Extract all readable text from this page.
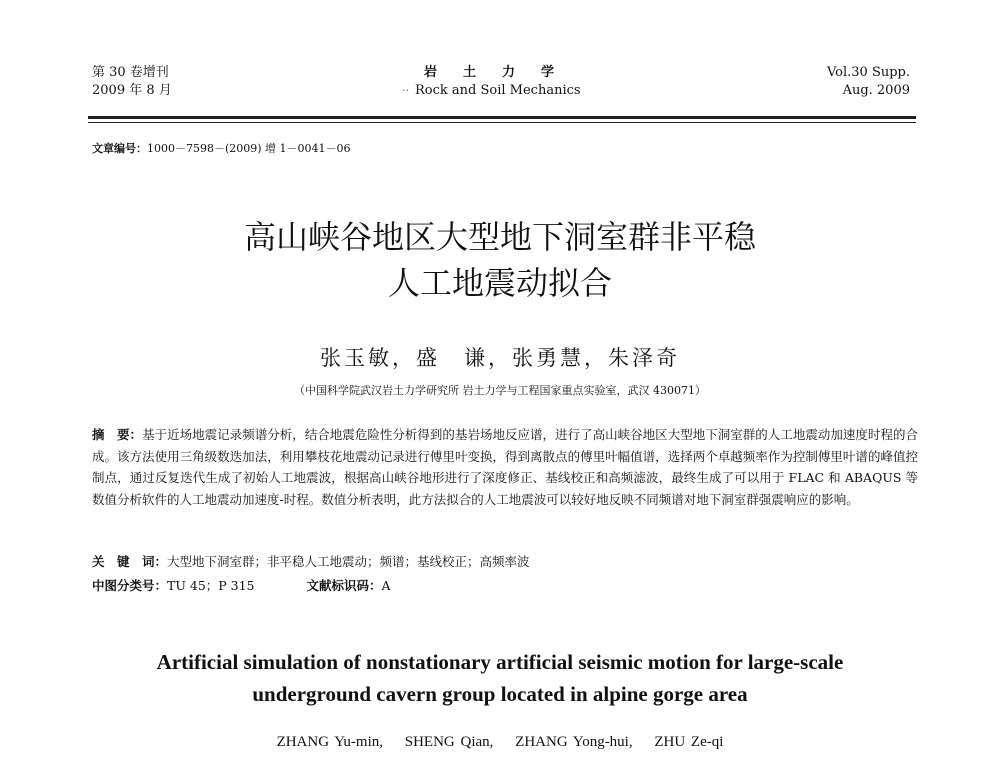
第 30 卷增刊
2009 年 8 月
岩土力学
·· Rock and Soil Mechanics
Vol.30 Supp.
Aug. 2009
文章编号：1000－7598－(2009) 增 1－0041－06
高山峡谷地区大型地下洞室群非平稳
人工地震动拟合
张玉敏，盛　谦，张勇慧，朱泽奇
（中国科学院武汉岩土力学研究所 岩土力学与工程国家重点实验室，武汉 430071）
摘　要：基于近场地震记录频谱分析，结合地震危险性分析得到的基岩场地反应谱，进行了高山峡谷地区大型地下洞室群的人工地震动加速度时程的合成。该方法使用三角级数迭加法，利用攀枝花地震动记录进行傅里叶变换，得到离散点的傅里叶幅值谱，选择两个卓越频率作为控制傅里叶谱的峰值控制点，通过反复迭代生成了初始人工地震波，根据高山峡谷地形进行了深度修正、基线校正和高频滤波，最终生成了可以用于 FLAC 和 ABAQUS 等数值分析软件的人工地震动加速度-时程。数值分析表明，此方法拟合的人工地震波可以较好地反映不同频谱对地下洞室群强震响应的影响。
关　键　词：大型地下洞室群；非平稳人工地震动；频谱；基线校正；高频率波
中图分类号：TU 45；P 315	文献标识码：A
Artificial simulation of nonstationary artificial seismic motion for large-scale
underground cavern group located in alpine gorge area
ZHANG Yu-min, SHENG Qian, ZHANG Yong-hui, ZHU Ze-qi
